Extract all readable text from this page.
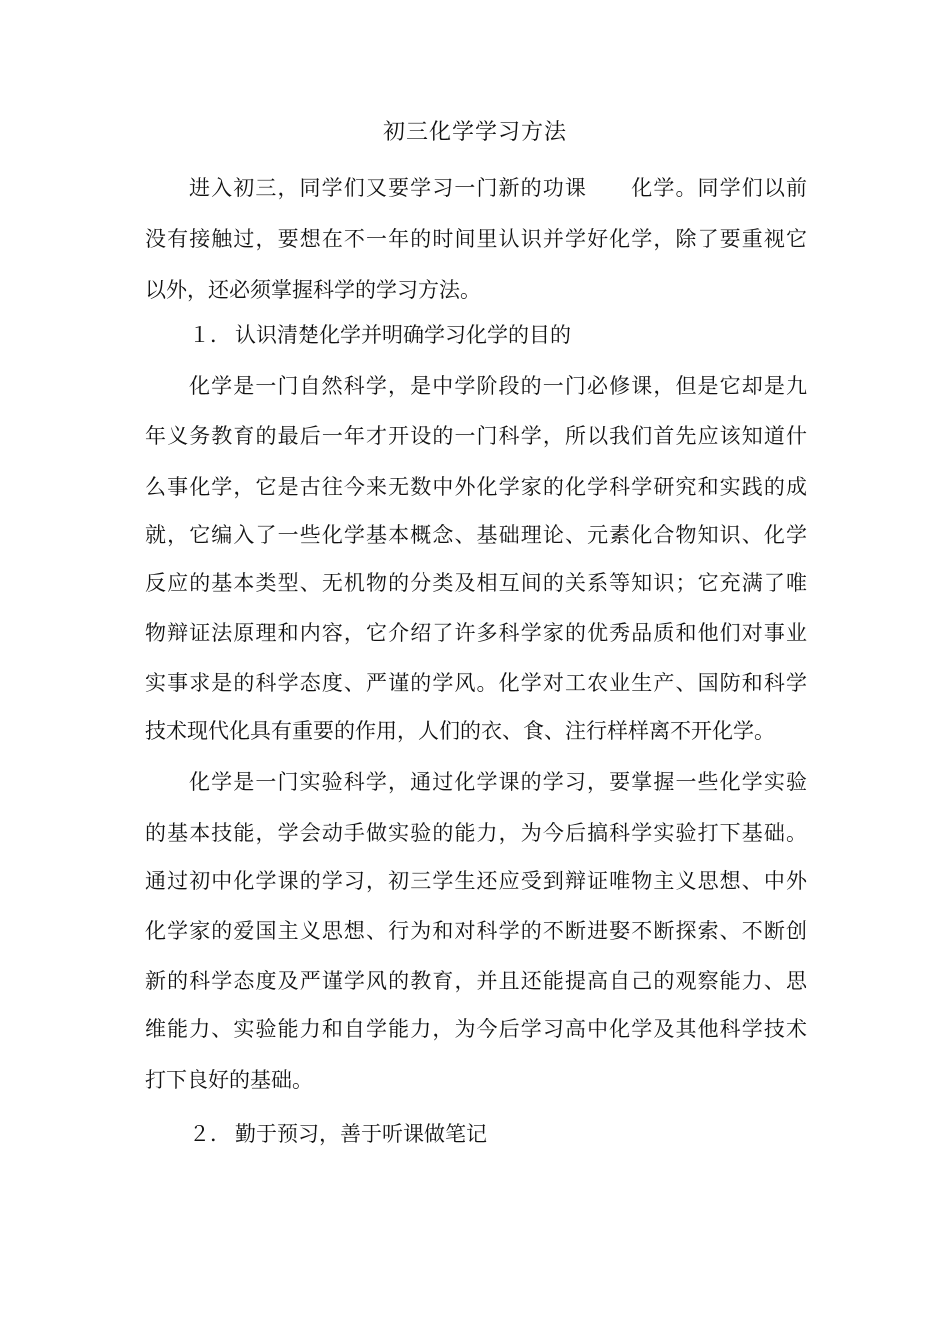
初三化学学习方法
进入初三，同学们又要学习一门新的功课　　化学。同学们以前
没有接触过，要想在不一年的时间里认识并学好化学，除了要重视它
以外，还必须掌握科学的学习方法。
１． 认识清楚化学并明确学习化学的目的
化学是一门自然科学，是中学阶段的一门必修课，但是它却是九
年义务教育的最后一年才开设的一门科学，所以我们首先应该知道什
么事化学，它是古往今来无数中外化学家的化学科学研究和实践的成
就，它编入了一些化学基本概念、基础理论、元素化合物知识、化学
反应的基本类型、无机物的分类及相互间的关系等知识；它充满了唯
物辩证法原理和内容，它介绍了许多科学家的优秀品质和他们对事业
实事求是的科学态度、严谨的学风。化学对工农业生产、国防和科学
技术现代化具有重要的作用，人们的衣、食、注行样样离不开化学。
化学是一门实验科学，通过化学课的学习，要掌握一些化学实验
的基本技能，学会动手做实验的能力，为今后搞科学实验打下基础。
通过初中化学课的学习，初三学生还应受到辩证唯物主义思想、中外
化学家的爱国主义思想、行为和对科学的不断进娶不断探索、不断创
新的科学态度及严谨学风的教育，并且还能提高自己的观察能力、思
维能力、实验能力和自学能力，为今后学习高中化学及其他科学技术
打下良好的基础。
２． 勤于预习，善于听课做笔记
